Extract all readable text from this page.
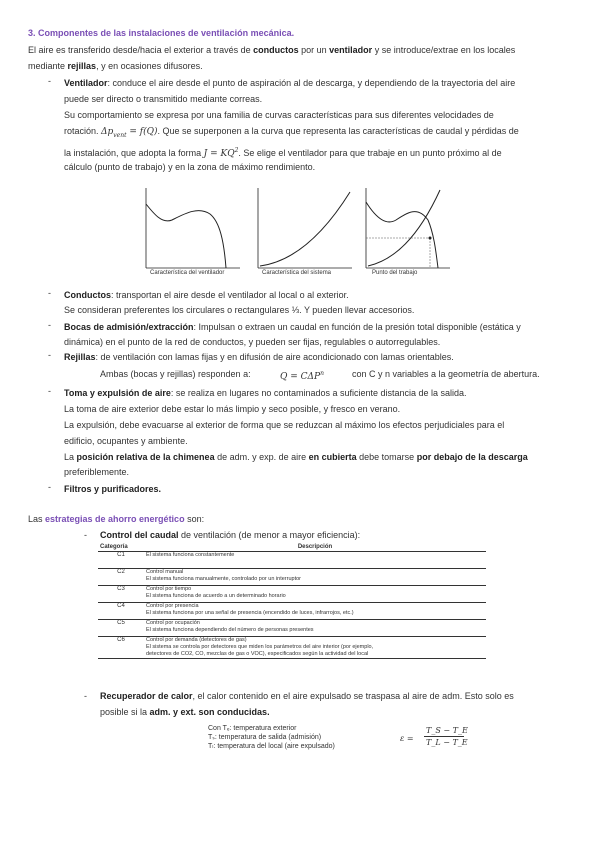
3. Componentes de las instalaciones de ventilación mecánica.
El aire es transferido desde/hacia el exterior a través de conductos por un ventilador y se introduce/extrae en los locales
mediante rejillas, y en ocasiones difusores.
- Ventilador: conduce el aire desde el punto de aspiración al de descarga, y dependiendo de la trayectoria del aire
puede ser directo o transmitido mediante correas.
Su comportamiento se expresa por una familia de curvas características para sus diferentes velocidades de
rotación. $\Delta p_{vent} = f(Q)$. Que se superponen a la curva que representa las características de caudal y pérdidas de
la instalación, que adopta la forma $J = KQ^2$. Se elige el ventilador para que trabaje en un punto próximo al de
cálculo (punto de trabajo) y en la zona de máximo rendimiento.
Característica del ventilador	Característica del sistema	Punto del trabajo
- Conductos: transportan el aire desde el ventilador al local o al exterior.
Se consideran preferentes los circulares o rectangulares ⅓. Y pueden llevar accesorios.
- Bocas de admisión/extracción: Impulsan o extraen un caudal en función de la presión total disponible (estática y
dinámica) en el punto de la red de conductos, y pueden ser fijas, regulables o autorregulables.
- Rejillas: de ventilación con lamas fijas y en difusión de aire acondicionado con lamas orientables.
Ambas (bocas y rejillas) responden a:	$Q = C\Delta P^n$	con C y n variables a la geometría de abertura.
- Toma y expulsión de aire: se realiza en lugares no contaminados a suficiente distancia de la salida.
La toma de aire exterior debe estar lo más limpio y seco posible, y fresco en verano.
La expulsión, debe evacuarse al exterior de forma que se reduzcan al máximo los efectos perjudiciales para el
edificio, ocupantes y ambiente.
La posición relativa de la chimenea de adm. y exp. de aire en cubierta debe tomarse por debajo de la descarga
preferiblemente.
- Filtros y purificadores.
Las estrategias de ahorro energético son:
- Control del caudal de ventilación (de menor a mayor eficiencia):
Categoría	Descripción
C1	El sistema funciona constantemente

C2	Control manual
El sistema funciona manualmente, controlado por un interruptor

C3	Control por tiempo
El sistema funciona de acuerdo a un determinado horario

C4	Control por presencia
El sistema funciona por una señal de presencia (encendido de luces, infrarrojos, etc.)

C5	Control por ocupación
El sistema funciona dependiendo del número de personas presentes

C6	Control por demanda (detectores de gas)
El sistema se controla por detectores que miden los parámetros del aire interior (por ejemplo,
detectores de CO2, CO, mezclas de gas o VOC), especificados según la actividad del local
- Recuperador de calor, el calor contenido en el aire expulsado se traspasa al aire de adm. Esto solo es
posible si la adm. y ext. son conducidas.
Con Tₑ: temperatura exterior
Tₛ: temperatura de salida (admisión)
Tₗ: temperatura del local (aire expulsado)
ε =
T_S − T_E
T_L − T_E
